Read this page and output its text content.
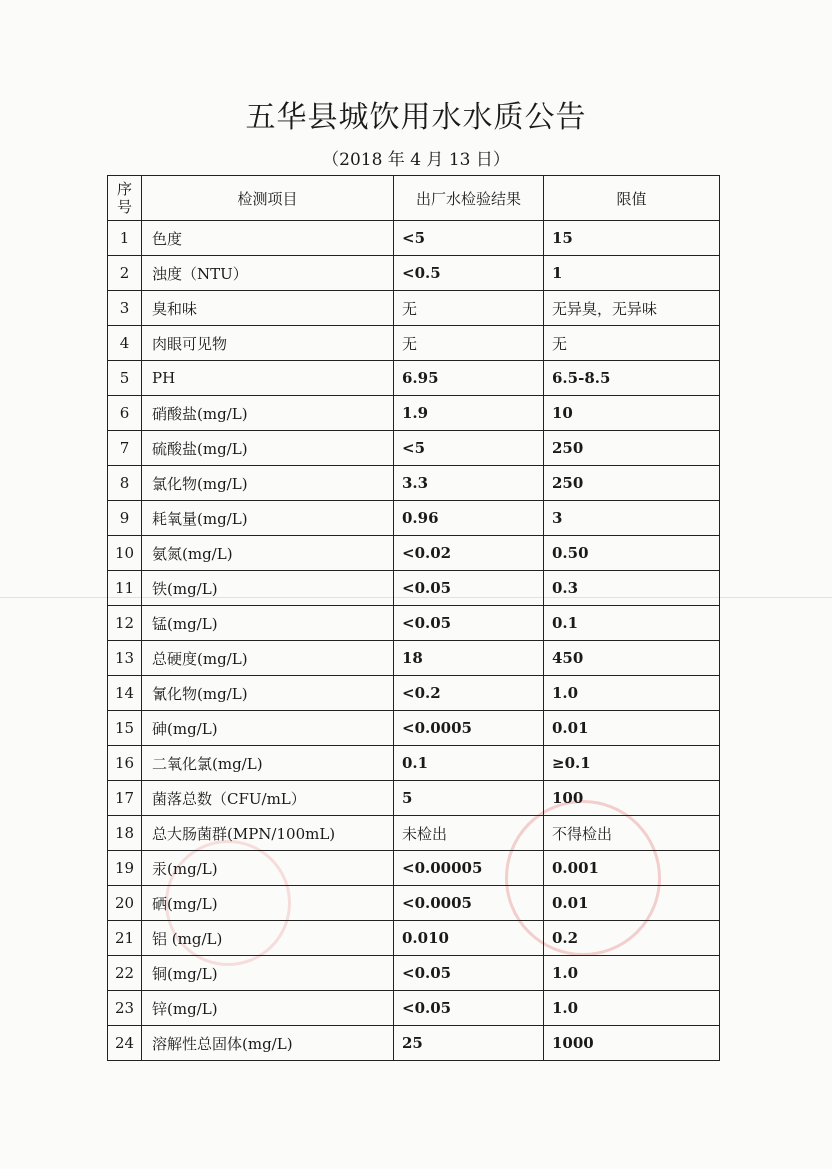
五华县城饮用水水质公告
（2018 年 4 月 13 日）
序号	检测项目	出厂水检验结果	限值
1	色度	<5	15
2	浊度（NTU）	<0.5	1
3	臭和味	无	无异臭，无异味
4	肉眼可见物	无	无
5	PH	6.95	6.5-8.5
6	硝酸盐(mg/L)	1.9	10
7	硫酸盐(mg/L)	<5	250
8	氯化物(mg/L)	3.3	250
9	耗氧量(mg/L)	0.96	3
10	氨氮(mg/L)	<0.02	0.50
11	铁(mg/L)	<0.05	0.3
12	锰(mg/L)	<0.05	0.1
13	总硬度(mg/L)	18	450
14	氰化物(mg/L)	<0.2	1.0
15	砷(mg/L)	<0.0005	0.01
16	二氧化氯(mg/L)	0.1	≥0.1
17	菌落总数（CFU/mL）	5	100
18	总大肠菌群(MPN/100mL)	未检出	不得检出
19	汞(mg/L)	<0.00005	0.001
20	硒(mg/L)	<0.0005	0.01
21	铝 (mg/L)	0.010	0.2
22	铜(mg/L)	<0.05	1.0
23	锌(mg/L)	<0.05	1.0
24	溶解性总固体(mg/L)	25	1000
